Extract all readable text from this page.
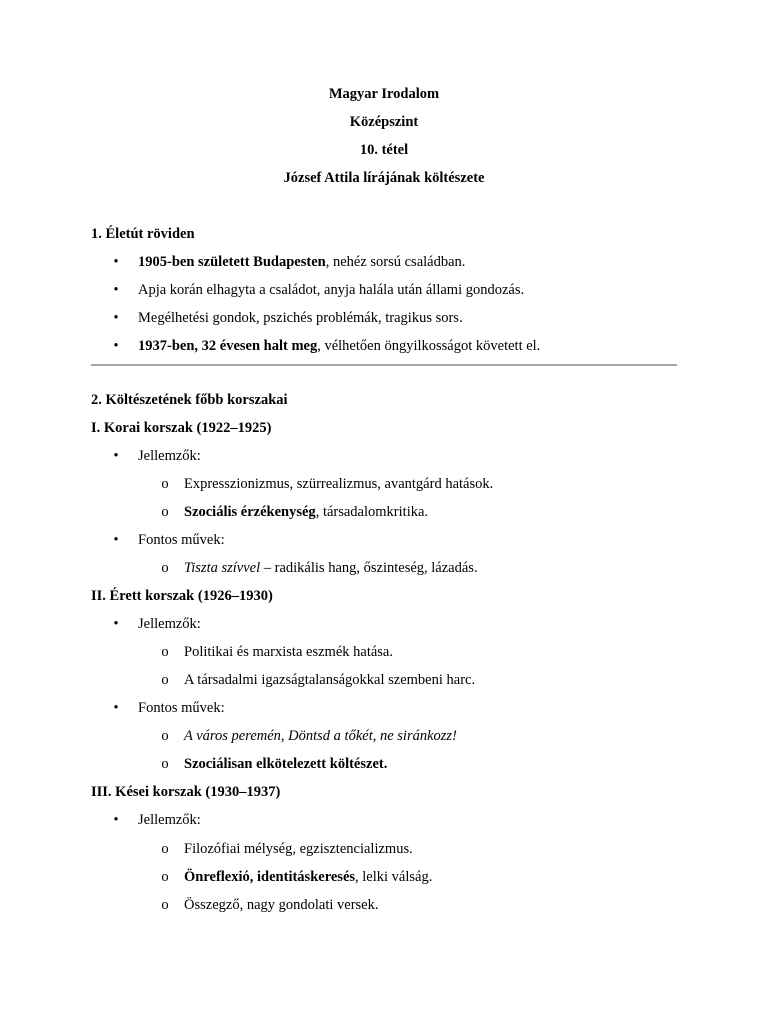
Magyar Irodalom
Középszint
10. tétel
József Attila lírájának költészete
1. Életút röviden
• 1905-ben született Budapesten, nehéz sorsú családban.
• Apja korán elhagyta a családot, anyja halála után állami gondozás.
• Megélhetési gondok, pszichés problémák, tragikus sors.
• 1937-ben, 32 évesen halt meg, vélhetően öngyilkosságot követett el.
2. Költészetének főbb korszakai
I. Korai korszak (1922–1925)
• Jellemzők:
o Expresszionizmus, szürrealizmus, avantgárd hatások.
o Szociális érzékenység, társadalomkritika.
• Fontos művek:
o Tiszta szívvel – radikális hang, őszinteség, lázadás.
II. Érett korszak (1926–1930)
• Jellemzők:
o Politikai és marxista eszmék hatása.
o A társadalmi igazságtalanságokkal szembeni harc.
• Fontos művek:
o A város peremén, Döntsd a tőkét, ne siránkozz!
o Szociálisan elkötelezett költészet.
III. Kései korszak (1930–1937)
• Jellemzők:
o Filozófiai mélység, egzisztencializmus.
o Önreflexió, identitáskeresés, lelki válság.
o Összegző, nagy gondolati versek.
